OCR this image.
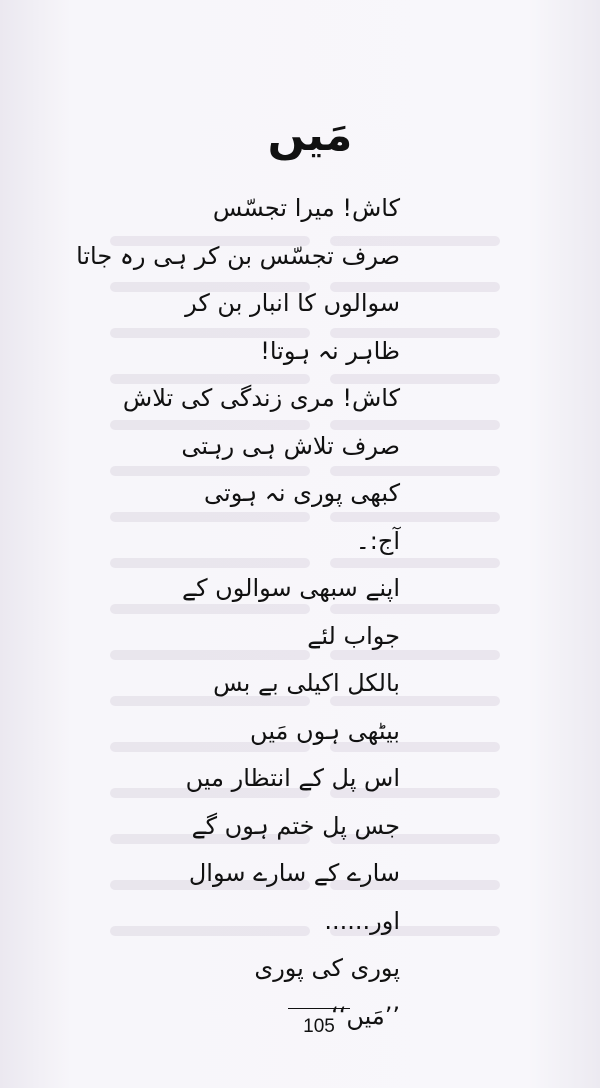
مَیں
کاش! میرا تجسّس
صرف تجسّس بن کر ہی رہ جاتا
سوالوں کا انبار بن کر
ظاہر نہ ہوتا!
کاش! مری زندگی کی تلاش
صرف تلاش ہی رہتی
کبھی پوری نہ ہوتی
آج:۔
اپنے سبھی سوالوں کے
جواب لئے
بالکل اکیلی بے بس
بیٹھی ہوں مَیں
اس پل کے انتظار میں
جس پل ختم ہوں گے
سارے کے سارے سوال
اور......
پوری کی پوری
’’مَیں‘‘
105
